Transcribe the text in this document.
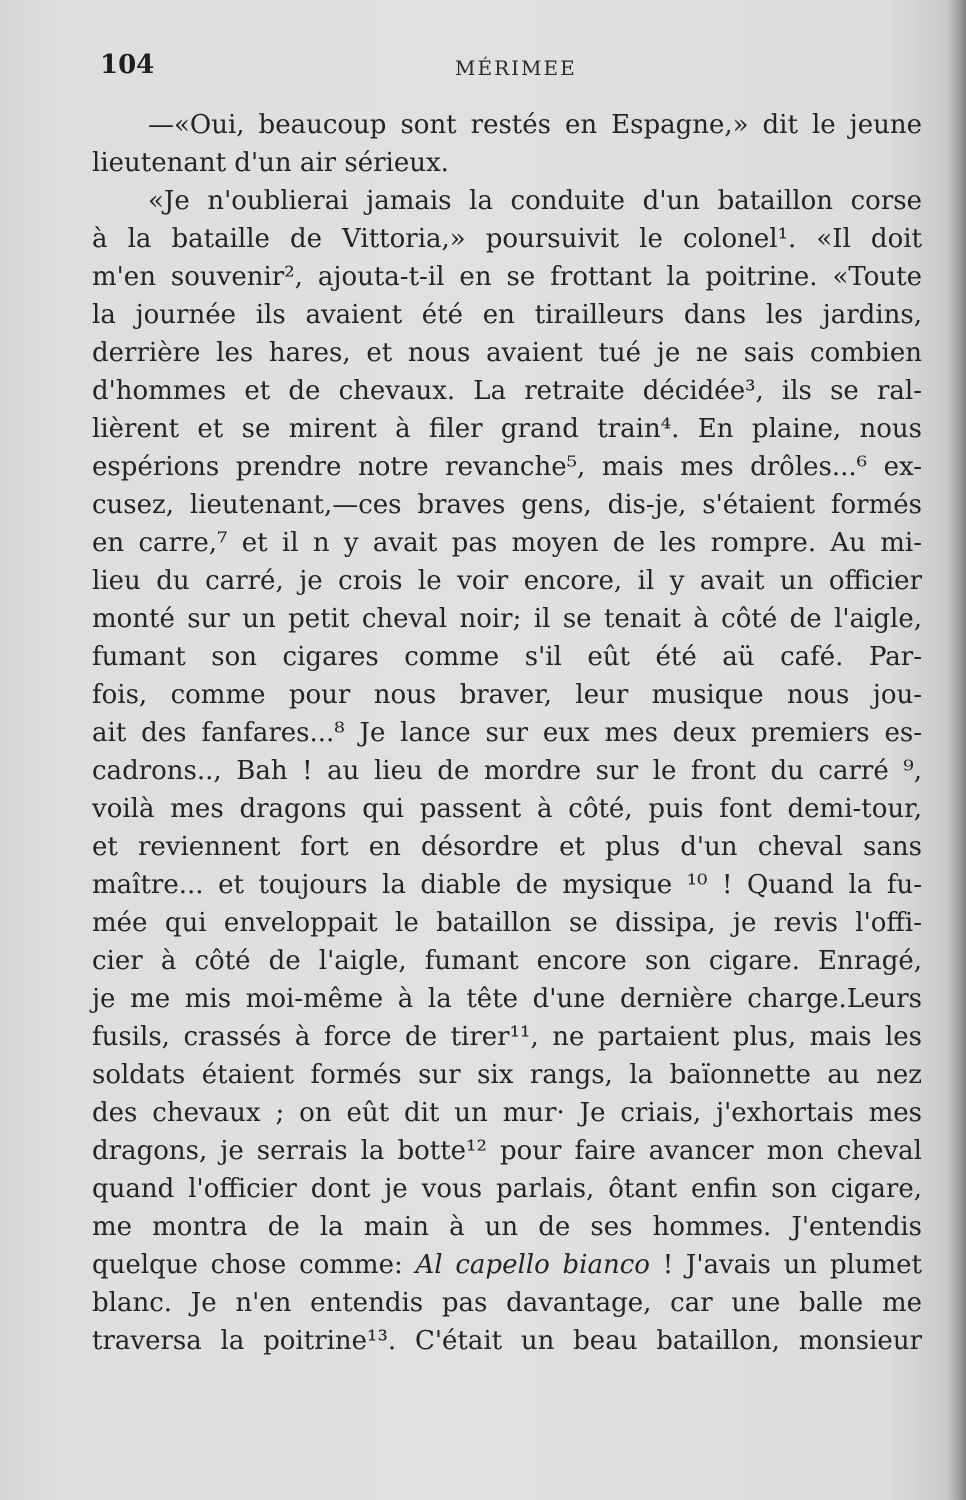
104	MÉRIMEE
—«Oui, beaucoup sont restés en Espagne,» dit le jeune
lieutenant d'un air sérieux.
«Je n'oublierai jamais la conduite d'un bataillon corse
à la bataille de Vittoria,» poursuivit le colonel¹. «Il doit
m'en souvenir², ajouta-t-il en se frottant la poitrine. «Toute
la journée ils avaient été en tirailleurs dans les jardins,
derrière les hares, et nous avaient tué je ne sais combien
d'hommes et de chevaux. La retraite décidée³, ils se ral-
lièrent et se mirent à filer grand train⁴. En plaine, nous
espérions prendre notre revanche⁵, mais mes drôles...⁶ ex-
cusez, lieutenant,—ces braves gens, dis-je, s'étaient formés
en carre,⁷ et il n y avait pas moyen de les rompre. Au mi-
lieu du carré, je crois le voir encore, il y avait un officier
monté sur un petit cheval noir; il se tenait à côté de l'aigle,
fumant son cigares comme s'il eût été aü café. Par-
fois, comme pour nous braver, leur musique nous jou-
ait des fanfares...⁸ Je lance sur eux mes deux premiers es-
cadrons.., Bah ! au lieu de mordre sur le front du carré ⁹,
voilà mes dragons qui passent à côté, puis font demi-tour,
et reviennent fort en désordre et plus d'un cheval sans
maître... et toujours la diable de mysique ¹⁰ ! Quand la fu-
mée qui enveloppait le bataillon se dissipa, je revis l'offi-
cier à côté de l'aigle, fumant encore son cigare. Enragé,
je me mis moi-même à la tête d'une dernière charge.Leurs
fusils, crassés à force de tirer¹¹, ne partaient plus, mais les
soldats étaient formés sur six rangs, la baïonnette au nez
des chevaux ; on eût dit un mur· Je criais, j'exhortais mes
dragons, je serrais la botte¹² pour faire avancer mon cheval
quand l'officier dont je vous parlais, ôtant enfin son cigare,
me montra de la main à un de ses hommes. J'entendis
quelque chose comme: Al capello bianco ! J'avais un plumet
blanc. Je n'en entendis pas davantage, car une balle me
traversa la poitrine¹³. C'était un beau bataillon, monsieur
